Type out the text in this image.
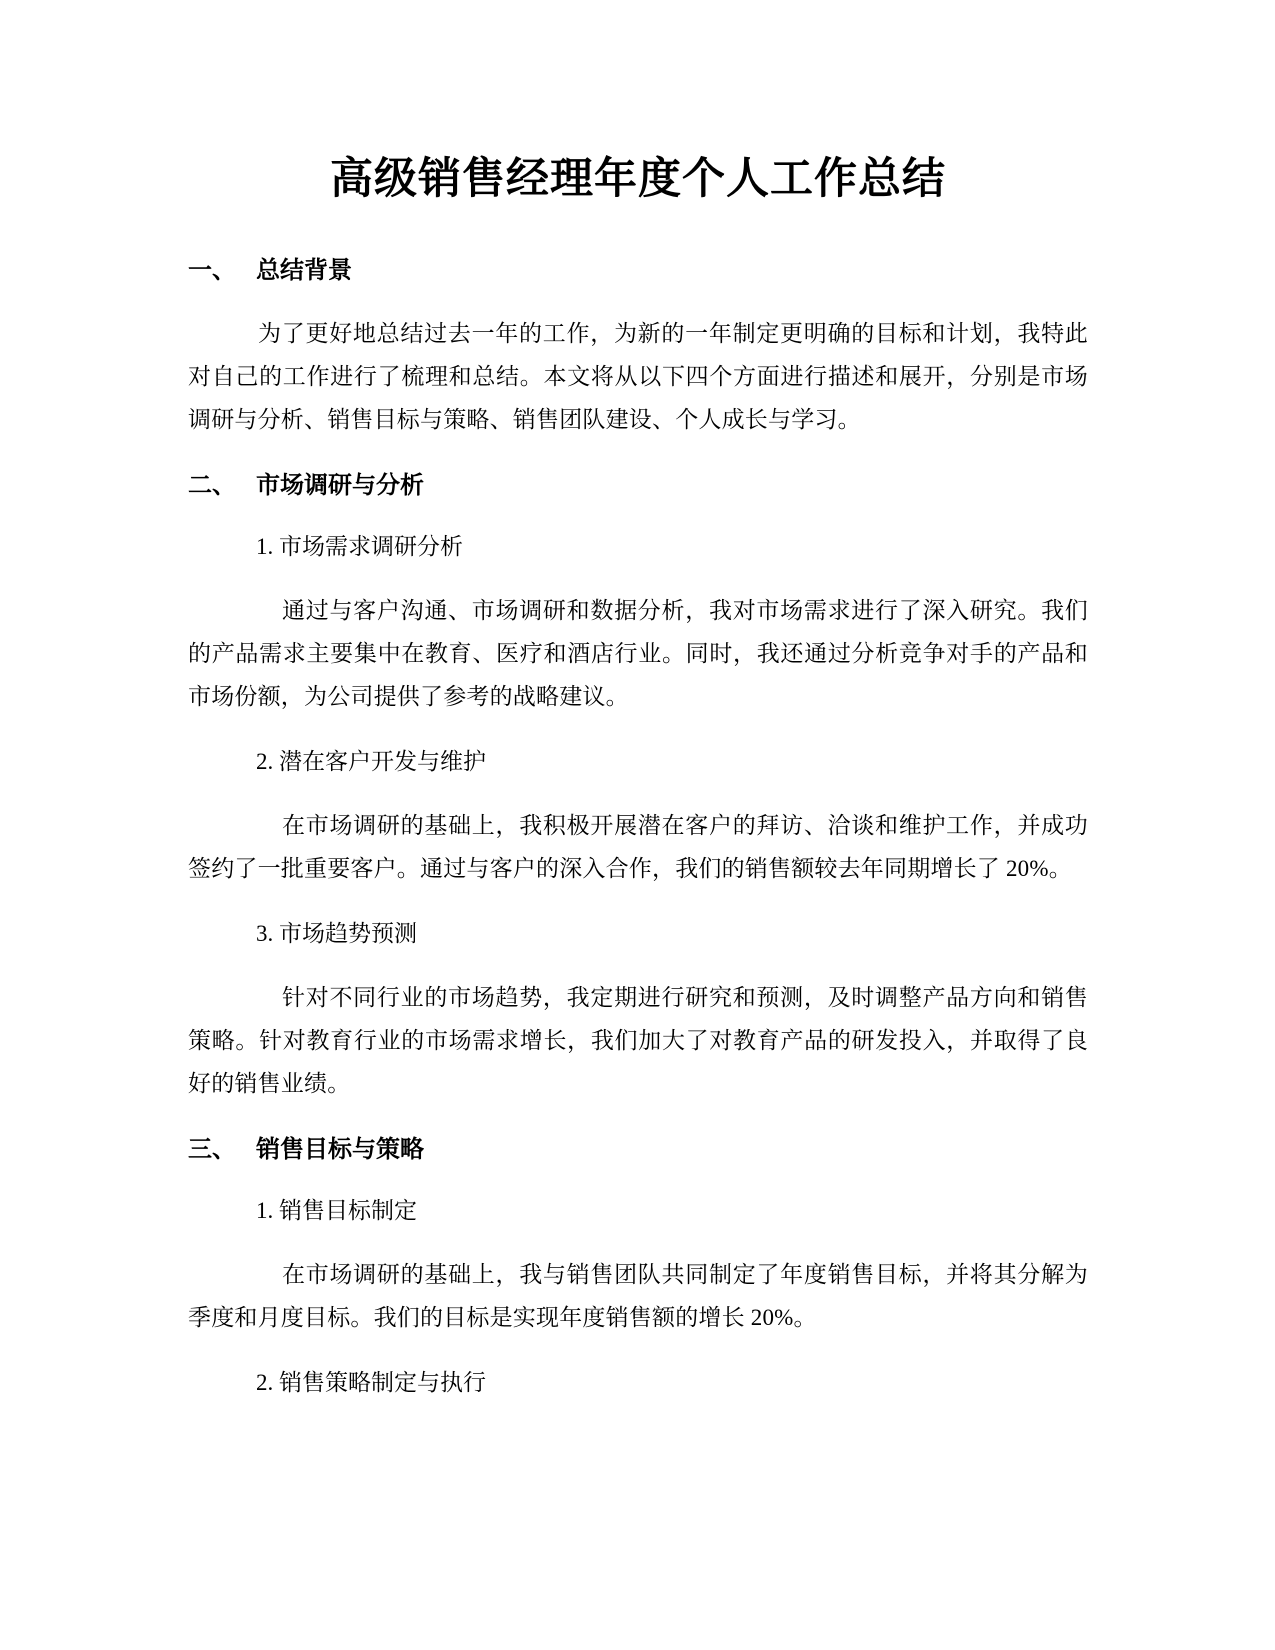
高级销售经理年度个人工作总结
一、 总结背景

为了更好地总结过去一年的工作，为新的一年制定更明确的目标和计划，我特此对自己的工作进行了梳理和总结。本文将从以下四个方面进行描述和展开，分别是市场调研与分析、销售目标与策略、销售团队建设、个人成长与学习。

二、 市场调研与分析

1. 市场需求调研分析

通过与客户沟通、市场调研和数据分析，我对市场需求进行了深入研究。我们的产品需求主要集中在教育、医疗和酒店行业。同时，我还通过分析竞争对手的产品和市场份额，为公司提供了参考的战略建议。

2. 潜在客户开发与维护

在市场调研的基础上，我积极开展潜在客户的拜访、洽谈和维护工作，并成功签约了一批重要客户。通过与客户的深入合作，我们的销售额较去年同期增长了 20%。

3. 市场趋势预测

针对不同行业的市场趋势，我定期进行研究和预测，及时调整产品方向和销售策略。针对教育行业的市场需求增长，我们加大了对教育产品的研发投入，并取得了良好的销售业绩。

三、 销售目标与策略

1. 销售目标制定

在市场调研的基础上，我与销售团队共同制定了年度销售目标，并将其分解为季度和月度目标。我们的目标是实现年度销售额的增长 20%。

2. 销售策略制定与执行
